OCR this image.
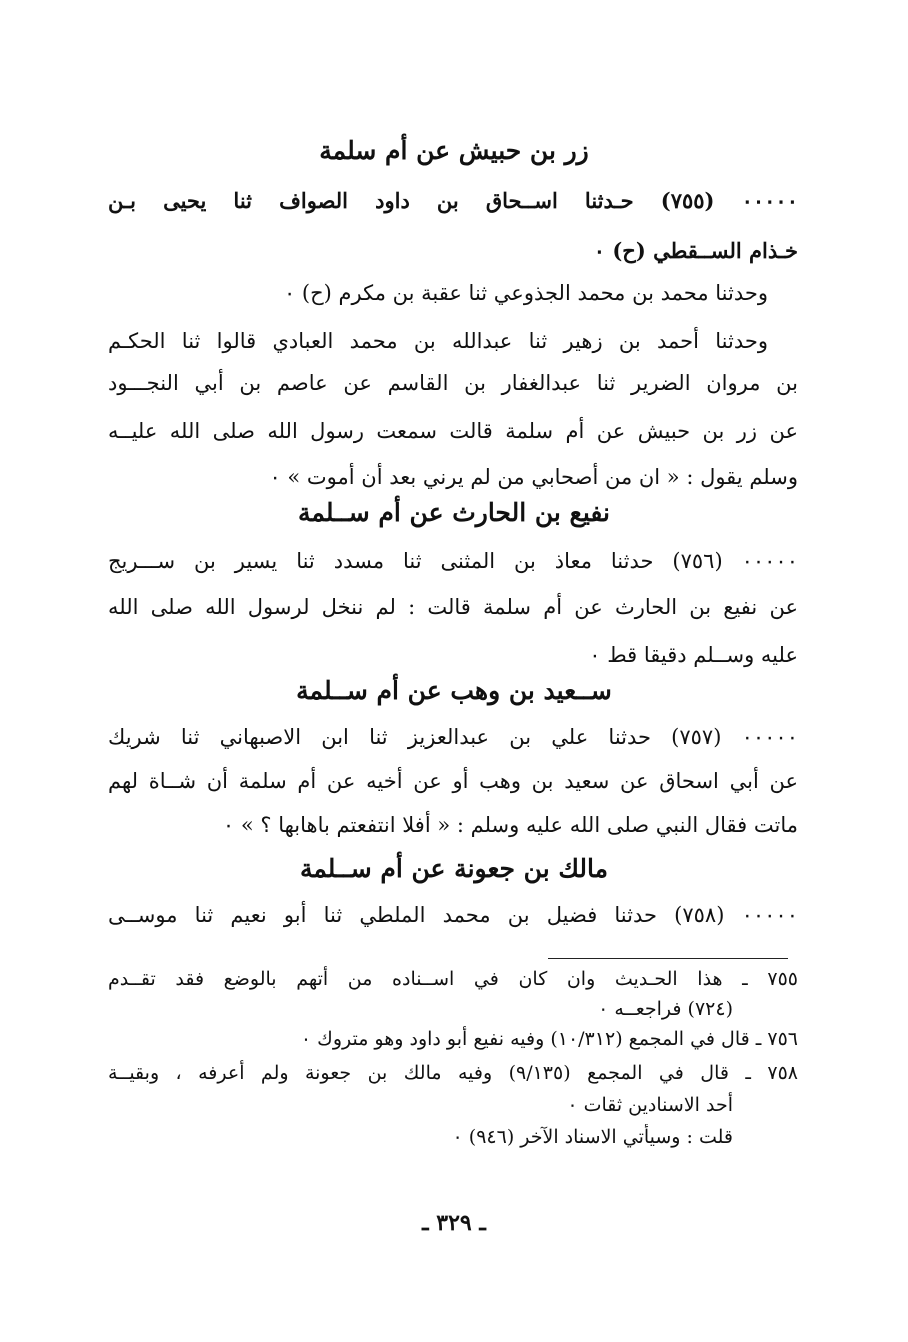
زر بن حبيش عن أم سلمة
٠٠٠٠٠ (٧٥٥) حـدثنا اســحاق بن داود الصواف ثنا يحيى بـن
خـذام الســقطي (ح) ٠
وحدثنا محمد بن محمد الجذوعي ثنا عقبة بن مكرم (ح) ٠
وحدثنا أحمد بن زهير ثنا عبدالله بن محمد العبادي قالوا ثنا الحكـم
بن مروان الضرير ثنا عبدالغفار بن القاسم عن عاصم بن أبي النجـــود
عن زر بن حبيش عن أم سلمة قالت سمعت رسول الله صلى الله عليــه
وسلم يقول : « ان من أصحابي من لم يرني بعد أن أموت » ٠
نفيع بن الحارث عن أم ســلمة
٠٠٠٠٠ (٧٥٦) حدثنا معاذ بن المثنى ثنا مسدد ثنا يسير بن ســـريج
عن نفيع بن الحارث عن أم سلمة قالت : لم ننخل لرسول الله صلى الله
عليه وســلم دقيقا قط ٠
ســعيد بن وهب عن أم ســلمة
٠٠٠٠٠ (٧٥٧) حدثنا علي بن عبدالعزيز ثنا ابن الاصبهاني ثنا شريك
عن أبي اسحاق عن سعيد بن وهب أو عن أخيه عن أم سلمة أن شــاة لهم
ماتت فقال النبي صلى الله عليه وسلم : « أفلا انتفعتم باهابها ؟ » ٠
مالك بن جعونة عن أم ســلمة
٠٠٠٠٠ (٧٥٨) حدثنا فضيل بن محمد الملطي ثنا أبو نعيم ثنا موســى
٧٥٥ ـ هذا الحـديث وان كان في اســناده من أتهم بالوضع فقد تقــدم
(٧٢٤) فراجعــه ٠
٧٥٦ ـ قال في المجمع (١٠/٣١٢) وفيه نفيع أبو داود وهو متروك ٠
٧٥٨ ـ قال في المجمع (٩/١٣٥) وفيه مالك بن جعونة ولم أعرفه ، وبقيــة
أحد الاسنادين ثقات ٠
قلت : وسيأتي الاسناد الآخر (٩٤٦) ٠
ـ ٣٢٩ ـ
